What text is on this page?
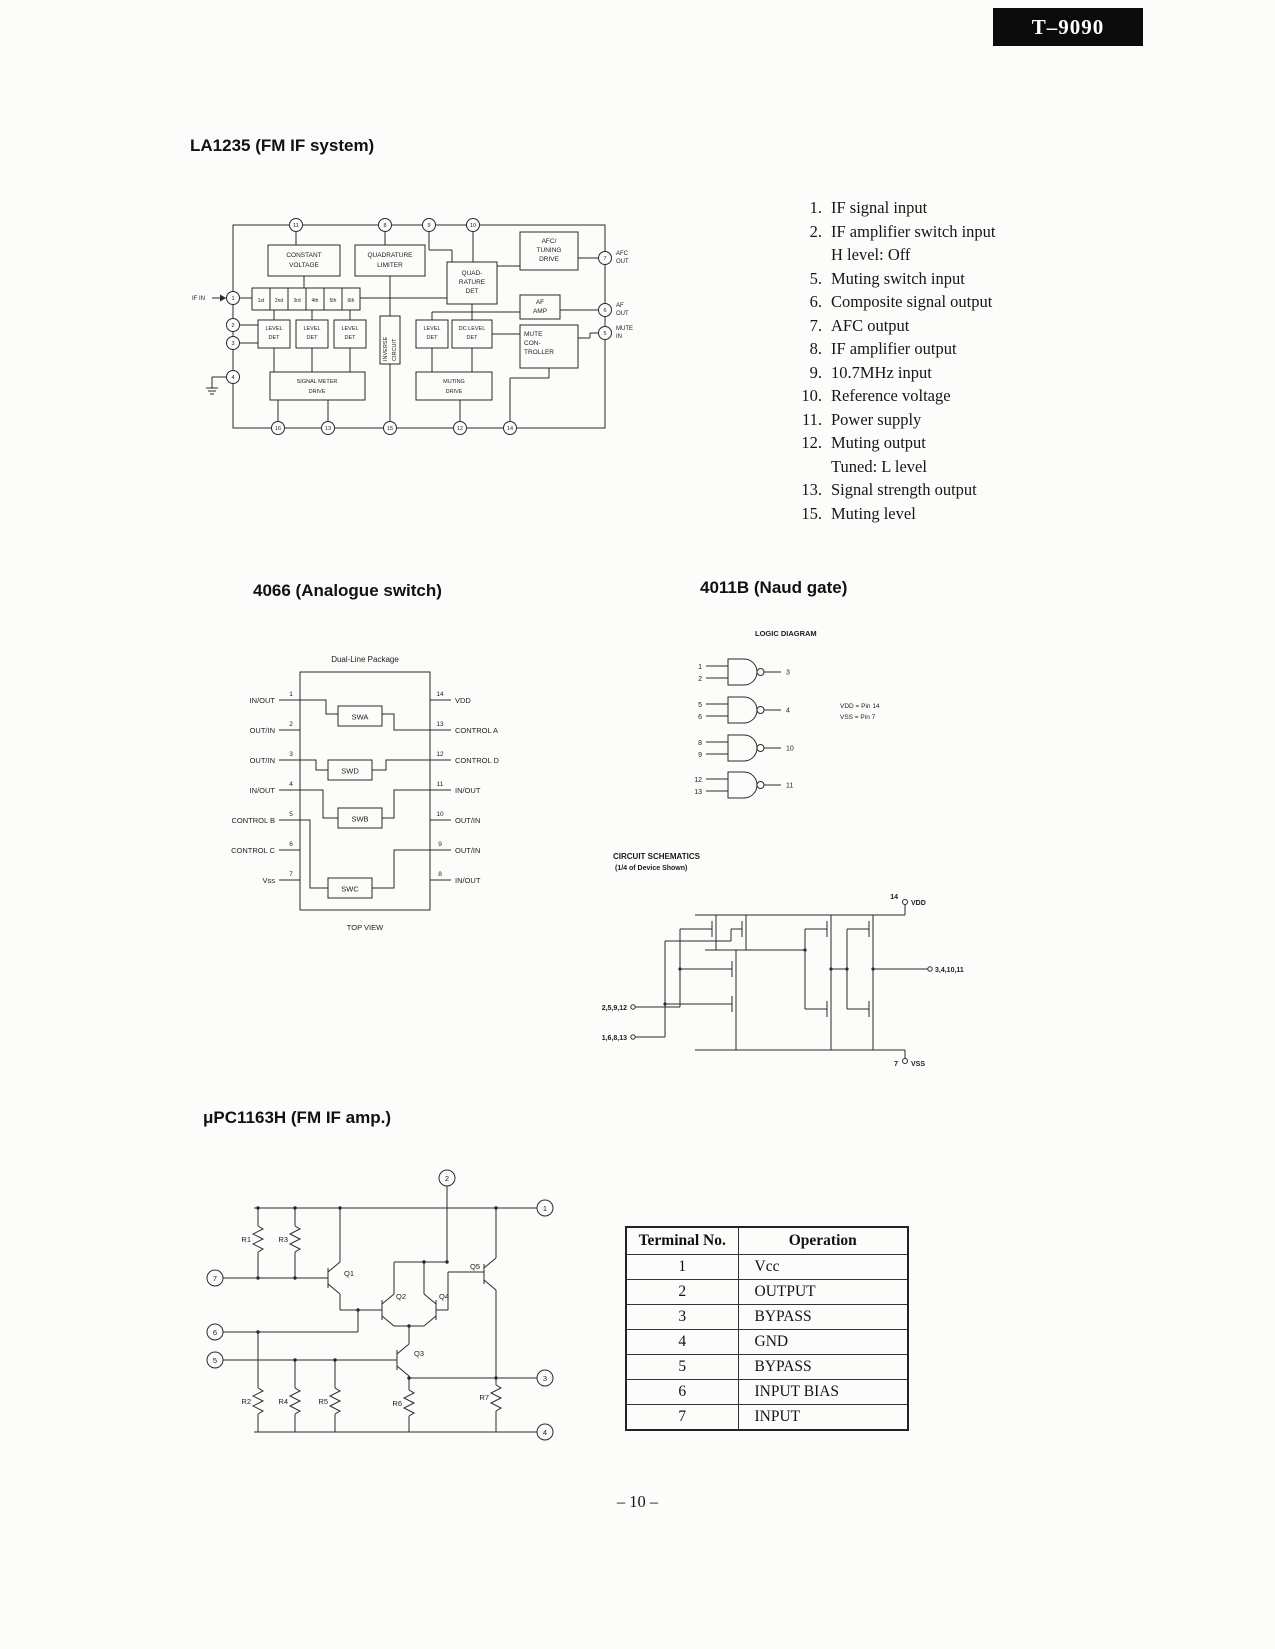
T–9090
LA1235 (FM IF system)
CONSTANT
VOLTAGE
QUADRATURE
LIMITER
QUAD-
RATURE
DET
AFC/
TUNING
DRIVE
AF
AMP
MUTE
CON-
TROLLER
1st 2nd 3rd 4th 5th 6th
LEVEL
DET
LEVEL
DET
LEVEL
DET
LEVEL
DET
DC LEVEL
DET
INVERSE CIRCUIT
SIGNAL METER
DRIVE
MUTING
DRIVE
11	8	9	10
16	13	15	12	14
1
2
3
4
7
6
5
IF IN
AFC
OUT
AF
OUT
MUTE
IN
1. IF signal input
2. IF amplifier switch input
H level: Off
5. Muting switch input
6. Composite signal output
7. AFC output
8. IF amplifier output
9. 10.7MHz input
10. Reference voltage
11. Power supply
12. Muting output
Tuned: L level
13. Signal strength output
15. Muting level
4066 (Analogue switch)
Dual-Line Package
TOP VIEW
SWA
SWD
SWB
SWC
IN/OUT
OUT/IN
OUT/IN
IN/OUT
CONTROL B
CONTROL C
Vss
1
2
3
4
5
6
7
VDD
CONTROL A
CONTROL D
IN/OUT
OUT/IN
OUT/IN
IN/OUT
14
13
12
11
10
9
8
4011B (Naud gate)
LOGIC DIAGRAM
1
2
3
5
6
4
8
9
10
12
13
11
VDD = Pin 14
VSS = Pin 7
CIRCUIT SCHEMATICS
(1/4 of Device Shown)
14
VDD
3,4,10,11
2,5,9,12
1,6,8,13
7 VSS
μPC1163H (FM IF amp.)
R1	R3
R2	R4	R5	R6
R7
Q1
Q2	Q4
Q5
Q3
2
1
7
6
5
3
4
Terminal No.	Operation
1	Vcc
2	OUTPUT
3	BYPASS
4	GND
5	BYPASS
6	INPUT BIAS
7	INPUT
– 10 –
